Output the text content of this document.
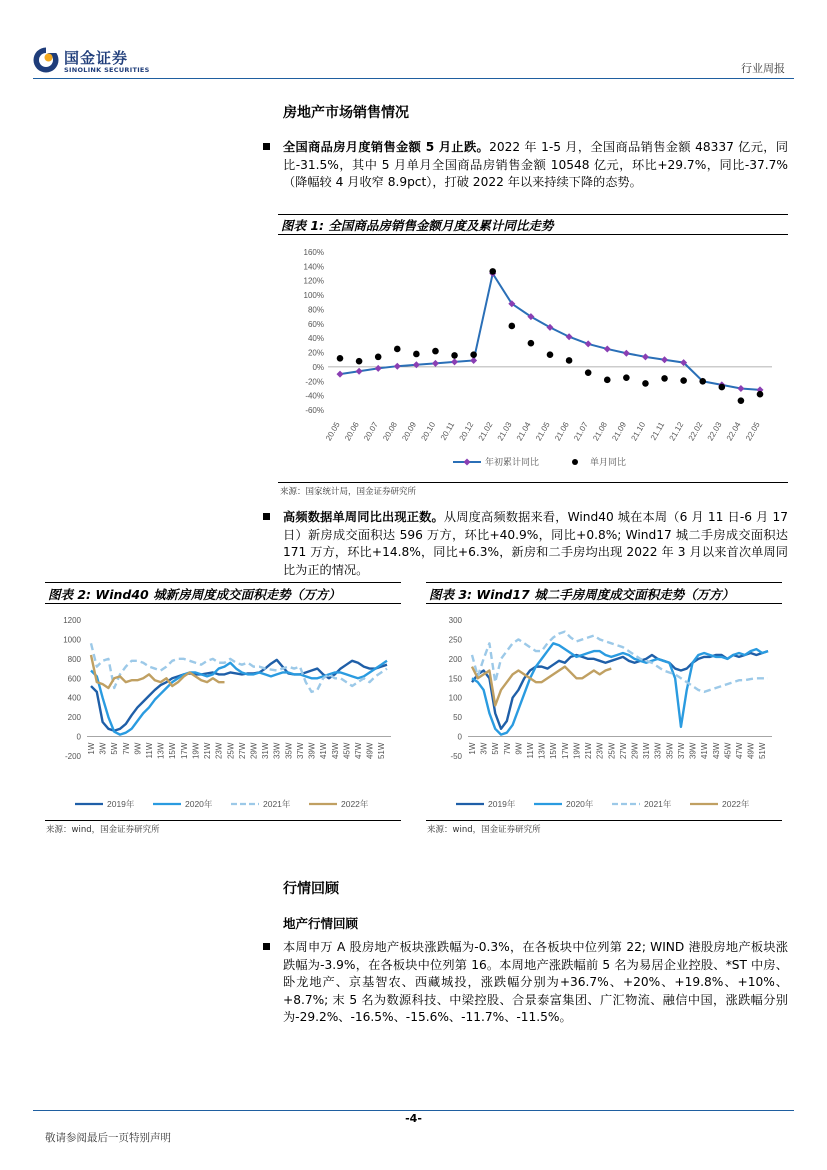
国金证券
SINOLINK SECURITIES	行业周报
房地产市场销售情况
全国商品房月度销售金额 5 月止跌。2022 年 1-5 月，全国商品销售金额 48337 亿元，同比-31.5%，其中 5 月单月全国商品房销售金额 10548 亿元，环比+29.7%，同比-37.7%（降幅较 4 月收窄 8.9pct），打破 2022 年以来持续下降的态势。
图表 1: 全国商品房销售金额月度及累计同比走势
160%
140%
120%
100%
80%
60%
40%
20%
0%
-20%
-40%
-60%
20.05 20.06 20.07 20.08 20.09 20.10 20.11 20.12 21.02 21.03 21.04 21.05 21.06 21.07 21.08 21.09 21.10 21.11 21.12 22.02 22.03 22.04 22.05
年初累计同比	单月同比
来源：国家统计局，国金证券研究所
高频数据单周同比出现正数。从周度高频数据来看，Wind40 城在本周（6 月 11 日-6 月 17 日）新房成交面积达 596 万方，环比+40.9%，同比+0.8%; Wind17 城二手房成交面积达 171 万方，环比+14.8%，同比+6.3%，新房和二手房均出现 2022 年 3 月以来首次单周同比为正的情况。
图表 2: Wind40 城新房周度成交面积走势（万方）
1200
1000
800
600
400
200
0
-200
1W 3W 5W 7W 9W 11W 13W 15W 17W 19W 21W 23W 25W 27W 29W 31W 33W 35W 37W 39W 41W 43W 45W 47W 49W 51W
2019年	2020年	2021年	2022年
来源：wind，国金证券研究所
图表 3: Wind17 城二手房周度成交面积走势（万方）
300
250
200
150
100
50
0
-50
1W 3W 5W 7W 9W 11W 13W 15W 17W 19W 21W 23W 25W 27W 29W 31W 33W 35W 37W 39W 41W 43W 45W 47W 49W 51W
2019年	2020年	2021年	2022年
来源：wind，国金证券研究所
行情回顾
地产行情回顾
本周申万 A 股房地产板块涨跌幅为-0.3%，在各板块中位列第 22; WIND 港股房地产板块涨跌幅为-3.9%，在各板块中位列第 16。本周地产涨跌幅前 5 名为易居企业控股、*ST 中房、卧龙地产、京基智农、西藏城投，涨跌幅分别为+36.7%、+20%、+19.8%、+10%、+8.7%; 末 5 名为数源科技、中梁控股、合景泰富集团、广汇物流、融信中国，涨跌幅分别为-29.2%、-16.5%、-15.6%、-11.7%、-11.5%。
-4-
敬请参阅最后一页特别声明
